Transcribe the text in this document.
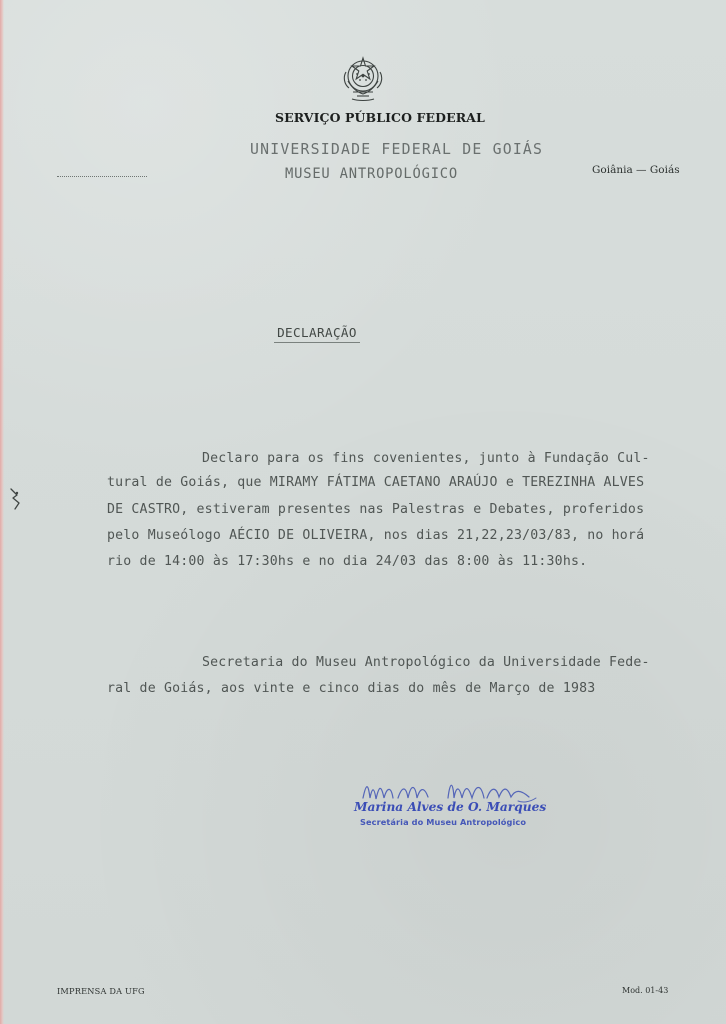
SERVIÇO PÚBLICO FEDERAL
UNIVERSIDADE FEDERAL DE GOIÁS
MUSEU ANTROPOLÓGICO	Goiânia — Goiás
DECLARAÇÃO
Declaro para os fins covenientes, junto à Fundação Cul-
tural de Goiás, que MIRAMY FÁTIMA CAETANO ARAÚJO e TEREZINHA ALVES
DE CASTRO, estiveram presentes nas Palestras e Debates, proferidos
pelo Museólogo AÉCIO DE OLIVEIRA, nos dias 21,22,23/03/83, no horá
rio de 14:00 às 17:30hs e no dia 24/03 das 8:00 às 11:30hs.
Secretaria do Museu Antropológico da Universidade Fede-
ral de Goiás, aos vinte e cinco dias do mês de Março de 1983
Marina Alves de O. Marques
Secretária do Museu Antropológico
IMPRENSA DA UFG	Mod. 01-43
